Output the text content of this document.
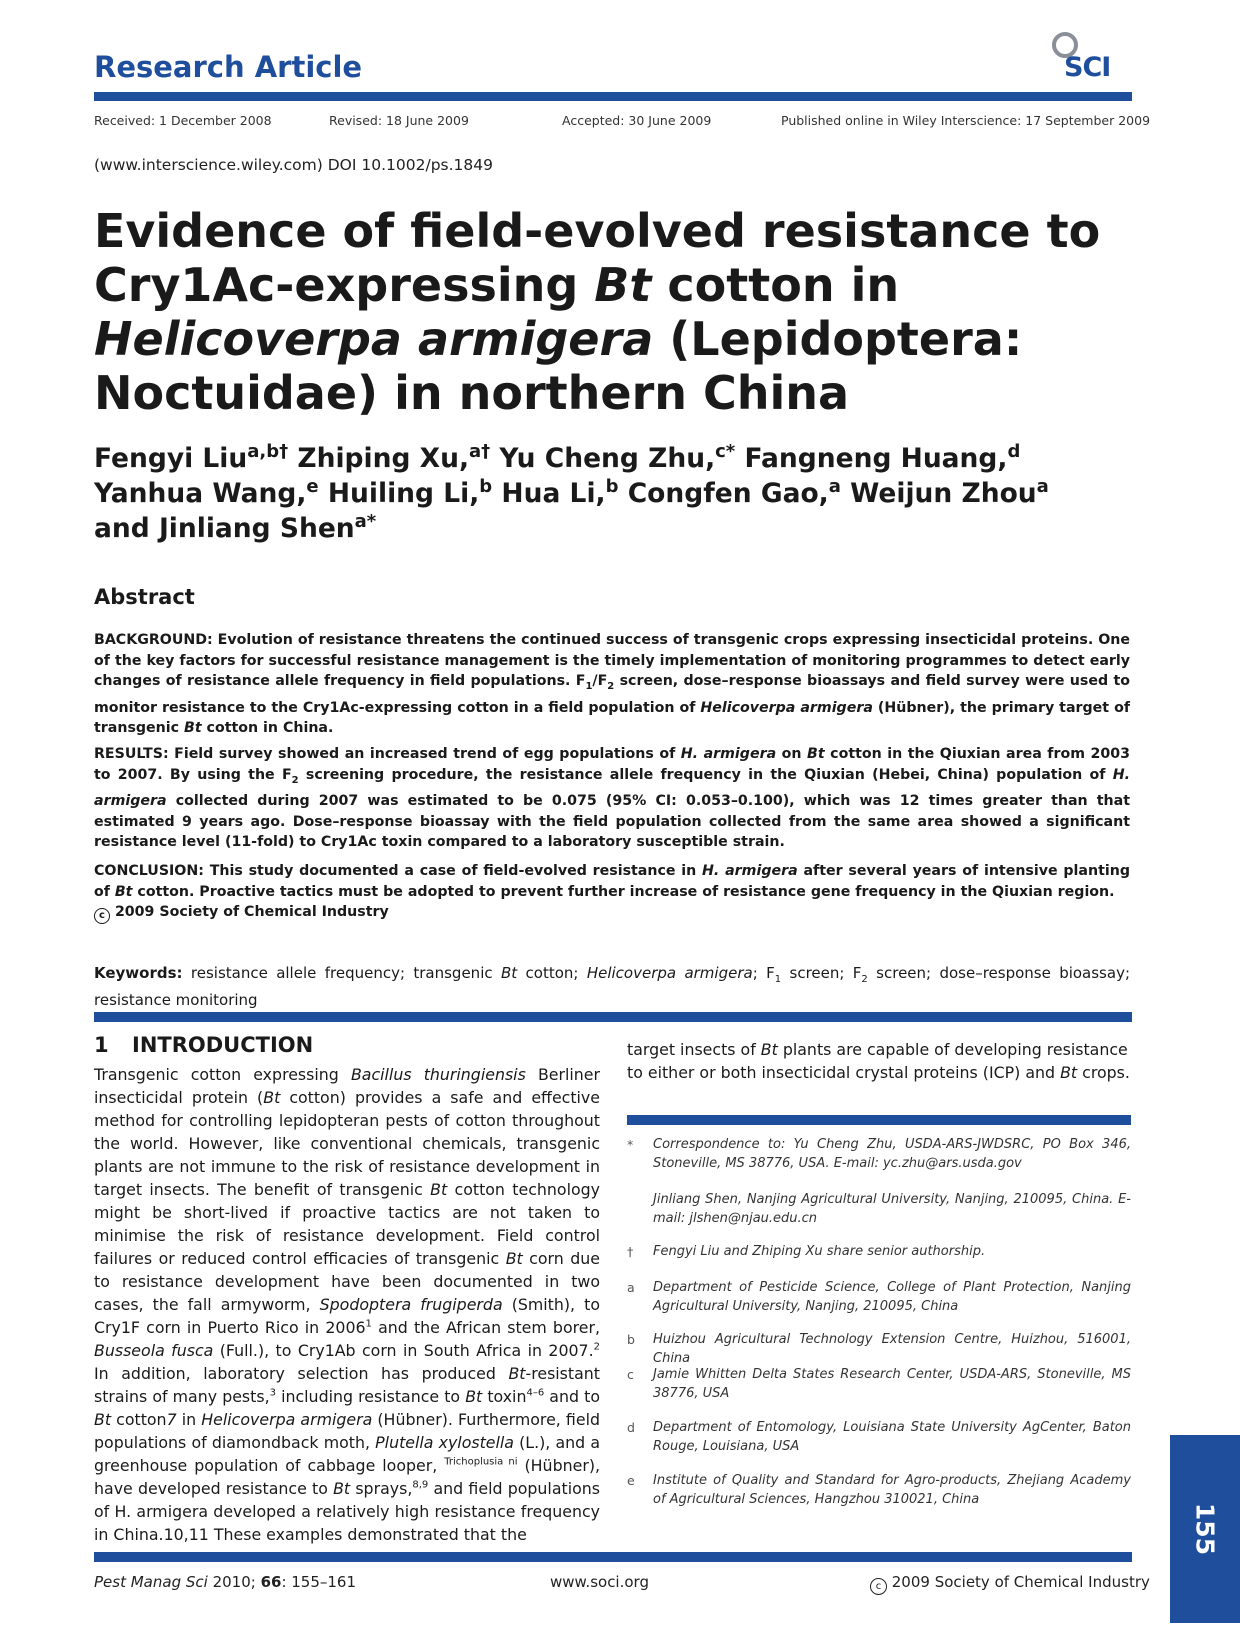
Research Article	SCI
Received: 1 December 2008	Revised: 18 June 2009	Accepted: 30 June 2009	Published online in Wiley Interscience: 17 September 2009
(www.interscience.wiley.com) DOI 10.1002/ps.1849
Evidence of field-evolved resistance to Cry1Ac-expressing Bt cotton in Helicoverpa armigera (Lepidoptera: Noctuidae) in northern China

Fengyi Liu$^{a,b\dagger}$ Zhiping Xu,$^{a\dagger}$ Yu Cheng Zhu,$^{c*}$ Fangneng Huang,$^d$
Yanhua Wang,$^e$ Huiling Li,$^b$ Hua Li,$^b$ Congfen Gao,$^a$ Weijun Zhou$^a$
and Jinliang Shen$^{a*}$

Abstract

BACKGROUND: Evolution of resistance threatens the continued success of transgenic crops expressing insecticidal proteins. One of the key factors for successful resistance management is the timely implementation of monitoring programmes to detect early changes of resistance allele frequency in field populations. $F_1/F_2$ screen, dose–response bioassays and field survey were used to monitor resistance to the Cry1Ac-expressing cotton in a field population of Helicoverpa armigera (Hübner), the primary target of transgenic Bt cotton in China.

RESULTS: Field survey showed an increased trend of egg populations of H. armigera on Bt cotton in the Qiuxian area from 2003 to 2007. By using the $F_2$ screening procedure, the resistance allele frequency in the Qiuxian (Hebei, China) population of H. armigera collected during 2007 was estimated to be 0.075 (95% CI: 0.053–0.100), which was 12 times greater than that estimated 9 years ago. Dose–response bioassay with the field population collected from the same area showed a significant resistance level (11-fold) to Cry1Ac toxin compared to a laboratory susceptible strain.

CONCLUSION: This study documented a case of field-evolved resistance in H. armigera after several years of intensive planting of Bt cotton. Proactive tactics must be adopted to prevent further increase of resistance gene frequency in the Qiuxian region.
c 2009 Society of Chemical Industry

Keywords: resistance allele frequency; transgenic Bt cotton; Helicoverpa armigera; $F_1$ screen; $F_2$ screen; dose–response bioassay; resistance monitoring

1 INTRODUCTION

Transgenic cotton expressing Bacillus thuringiensis Berliner insecticidal protein (Bt cotton) provides a safe and effective method for controlling lepidopteran pests of cotton throughout the world. However, like conventional chemicals, transgenic plants are not immune to the risk of resistance development in target insects. The benefit of transgenic Bt cotton technology might be short-lived if proactive tactics are not taken to minimise the risk of resistance development. Field control failures or reduced control efficacies of transgenic Bt corn due to resistance development have been documented in two cases, the fall armyworm, Spodoptera frugiperda (Smith), to Cry1F corn in Puerto Rico in 2006$^1$ and the African stem borer, Busseola fusca (Full.), to Cry1Ab corn in South Africa in 2007.$^2$ In addition, laboratory selection has produced Bt-resistant strains of many pests,$^3$ including resistance to Bt toxin$^{4-6}$ and to Bt cotton7 in Helicoverpa armigera (Hübner). Furthermore, field populations of diamondback moth, Plutella xylostella (L.), and a greenhouse population of cabbage looper, $^{Trichoplusia ni}$ (Hübner), have developed resistance to Bt sprays,$^{8,9}$ and field populations of H. armigera developed a relatively high resistance frequency in China.10,11 These examples demonstrated that the

target insects of Bt plants are capable of developing resistance to either or both insecticidal crystal proteins (ICP) and Bt crops.

*	Correspondence to: Yu Cheng Zhu, USDA-ARS-JWDSRC, PO Box 346, Stoneville, MS 38776, USA. E-mail: yc.zhu@ars.usda.gov
Jinliang Shen, Nanjing Agricultural University, Nanjing, 210095, China. E-mail: jlshen@njau.edu.cn
†	Fengyi Liu and Zhiping Xu share senior authorship.
a	Department of Pesticide Science, College of Plant Protection, Nanjing Agricultural University, Nanjing, 210095, China
b	Huizhou Agricultural Technology Extension Centre, Huizhou, 516001, China
c	Jamie Whitten Delta States Research Center, USDA-ARS, Stoneville, MS 38776, USA
d	Department of Entomology, Louisiana State University AgCenter, Baton Rouge, Louisiana, USA
e	Institute of Quality and Standard for Agro-products, Zhejiang Academy of Agricultural Sciences, Hangzhou 310021, China
Pest Manag Sci 2010; 66: 155–161	www.soci.org	c 2009 Society of Chemical Industry
155
